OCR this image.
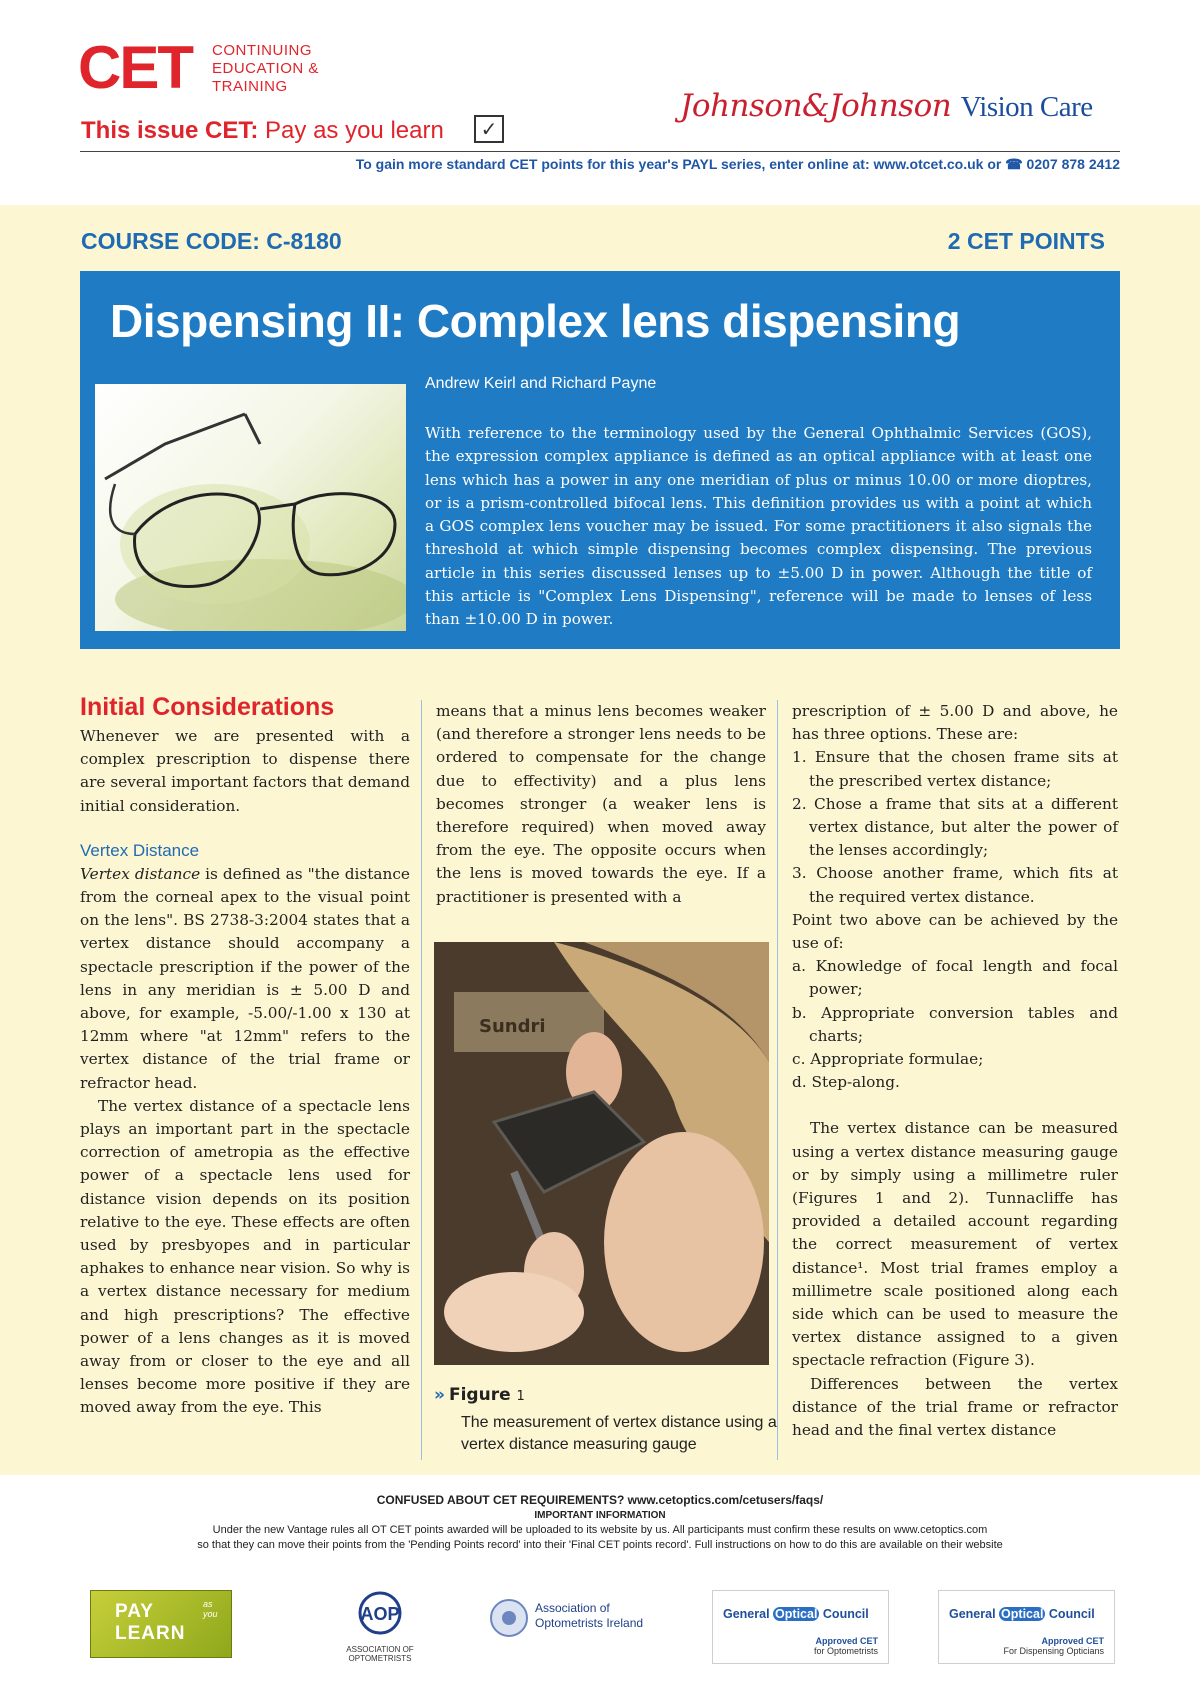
CET CONTINUING
EDUCATION &
TRAINING
This issue CET: Pay as you learn	✓
Johnson&Johnson Vision Care
To gain more standard CET points for this year's PAYL series, enter online at: www.otcet.co.uk or ☎ 0207 878 2412
COURSE CODE: C-8180	2 CET POINTS
Dispensing II: Complex lens dispensing
Andrew Keirl and Richard Payne
With reference to the terminology used by the General Ophthalmic Services (GOS), the expression complex appliance is defined as an optical appliance with at least one lens which has a power in any one meridian of plus or minus 10.00 or more dioptres, or is a prism-controlled bifocal lens. This definition provides us with a point at which a GOS complex lens voucher may be issued. For some practitioners it also signals the threshold at which simple dispensing becomes complex dispensing. The previous article in this series discussed lenses up to ±5.00 D in power. Although the title of this article is "Complex Lens Dispensing", reference will be made to lenses of less than ±10.00 D in power.
Initial Considerations

Whenever we are presented with a complex prescription to dispense there are several important factors that demand initial consideration.

Vertex Distance

Vertex distance is defined as "the distance from the corneal apex to the visual point on the lens". BS 2738-3:2004 states that a vertex distance should accompany a spectacle prescription if the power of the lens in any meridian is ± 5.00 D and above, for example, -5.00/-1.00 x 130 at 12mm where "at 12mm" refers to the vertex distance of the trial frame or refractor head.

The vertex distance of a spectacle lens plays an important part in the spectacle correction of ametropia as the effective power of a spectacle lens used for distance vision depends on its position relative to the eye. These effects are often used by presbyopes and in particular aphakes to enhance near vision. So why is a vertex distance necessary for medium and high prescriptions? The effective power of a lens changes as it is moved away from or closer to the eye and all lenses become more positive if they are moved away from the eye. This

means that a minus lens becomes weaker (and therefore a stronger lens needs to be ordered to compensate for the change due to effectivity) and a plus lens becomes stronger (a weaker lens is therefore required) when moved away from the eye. The opposite occurs when the lens is moved towards the eye. If a practitioner is presented with a

Sundri
» Figure 1
The measurement of vertex distance using a vertex distance measuring gauge

prescription of ± 5.00 D and above, he has three options. These are:

1. Ensure that the chosen frame sits at the prescribed vertex distance;
2. Chose a frame that sits at a different vertex distance, but alter the power of the lenses accordingly;
3. Choose another frame, which fits at the required vertex distance.

Point two above can be achieved by the use of:

a. Knowledge of focal length and focal power;
b. Appropriate conversion tables and charts;
c. Appropriate formulae;
d. Step-along.

The vertex distance can be measured using a vertex distance measuring gauge or by simply using a millimetre ruler (Figures 1 and 2). Tunnacliffe has provided a detailed account regarding the correct measurement of vertex distance¹. Most trial frames employ a millimetre scale positioned along each side which can be used to measure the vertex distance assigned to a given spectacle refraction (Figure 3).

Differences between the vertex distance of the trial frame or refractor head and the final vertex distance

CONFUSED ABOUT CET REQUIREMENTS? www.cetoptics.com/cetusers/faqs/
IMPORTANT INFORMATION
Under the new Vantage rules all OT CET points awarded will be uploaded to its website by us. All participants must confirm these results on www.cetoptics.com
so that they can move their points from the 'Pending Points record' into their 'Final CET points record'. Full instructions on how to do this are available on their website
PAY
LEARN
as
you	AOP
ASSOCIATION OF OPTOMETRISTS
Association of
Optometrists Ireland
General Optical Council
Approved CET
for Optometrists
General Optical Council
Approved CET
For Dispensing Opticians
